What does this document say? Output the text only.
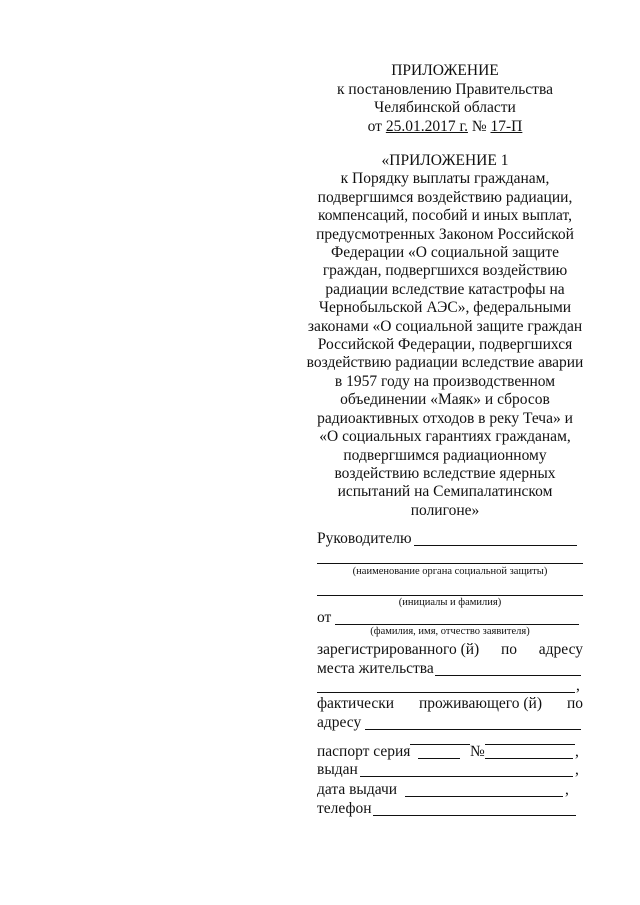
ПРИЛОЖЕНИЕ
к постановлению Правительства
Челябинской области
от 25.01.2017 г. № 17-П
«ПРИЛОЖЕНИЕ 1
к Порядку выплаты гражданам,
подвергшимся воздействию радиации,
компенсаций, пособий и иных выплат,
предусмотренных Законом Российской
Федерации «О социальной защите
граждан, подвергшихся воздействию
радиации вследствие катастрофы на
Чернобыльской АЭС», федеральными
законами «О социальной защите граждан
Российской Федерации, подвергшихся
воздействию радиации вследствие аварии
в 1957 году на производственном
объединении «Маяк» и сбросов
радиоактивных отходов в реку Теча» и
«О социальных гарантиях гражданам,
подвергшимся радиационному
воздействию вследствие ядерных
испытаний на Семипалатинском
полигоне»
Руководителю
(наименование органа социальной защиты)
(инициалы и фамилия)
от
(фамилия, имя, отчество заявителя)
зарегистрированного (й) по адресу
места жительства
,
фактически проживающего (й) по
адресу
паспорт серия	№	,
выдан	,
дата выдачи	,
телефон
